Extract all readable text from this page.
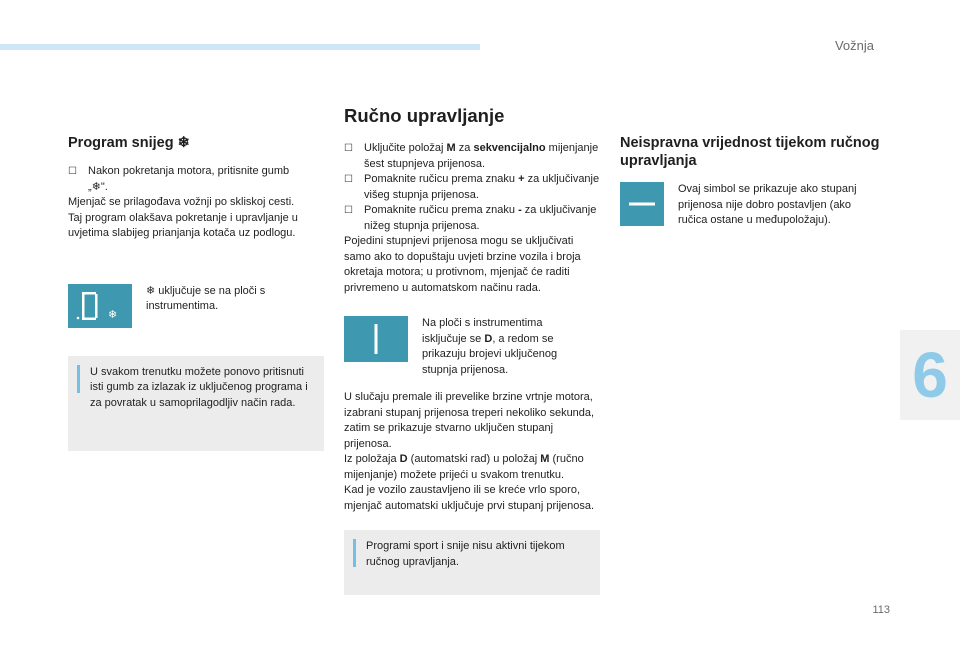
Vožnja
6
113
Program snijeg ❄
☐ Nakon pokretanja motora, pritisnite gumb
„❄".

Mjenjač se prilagođava vožnji po skliskoj cesti.

Taj program olakšava pokretanje i upravljanje u uvjetima slabijeg prianjanja kotača uz podlogu.

❄

❄ uključuje se na ploči s instrumentima.

U svakom trenutku možete ponovo pritisnuti isti gumb za izlazak iz uključenog programa i za povratak u samoprilagodljiv način rada.

Ručno upravljanje
☐ Uključite položaj M za sekvencijalno mijenjanje šest stupnjeva prijenosa.
☐ Pomaknite ručicu prema znaku + za uključivanje višeg stupnja prijenosa.
☐ Pomaknite ručicu prema znaku - za uključivanje nižeg stupnja prijenosa.

Pojedini stupnjevi prijenosa mogu se uključivati samo ako to dopuštaju uvjeti brzine vozila i broja okretaja motora; u protivnom, mjenjač će raditi privremeno u automatskom načinu rada.

Na ploči s instrumentima isključuje se D, a redom se prikazuju brojevi uključenog stupnja prijenosa.

U slučaju premale ili prevelike brzine vrtnje motora, izabrani stupanj prijenosa treperi nekoliko sekunda, zatim se prikazuje stvarno uključen stupanj prijenosa.

Iz položaja D (automatski rad) u položaj M (ručno mijenjanje) možete prijeći u svakom trenutku.

Kad je vozilo zaustavljeno ili se kreće vrlo sporo, mjenjač automatski uključuje prvi stupanj prijenosa.

Programi sport i snije nisu aktivni tijekom ručnog upravljanja.

Neispravna vrijednost tijekom ručnog upravljanja

Ovaj simbol se prikazuje ako stupanj prijenosa nije dobro postavljen (ako ručica ostane u međupoložaju).
